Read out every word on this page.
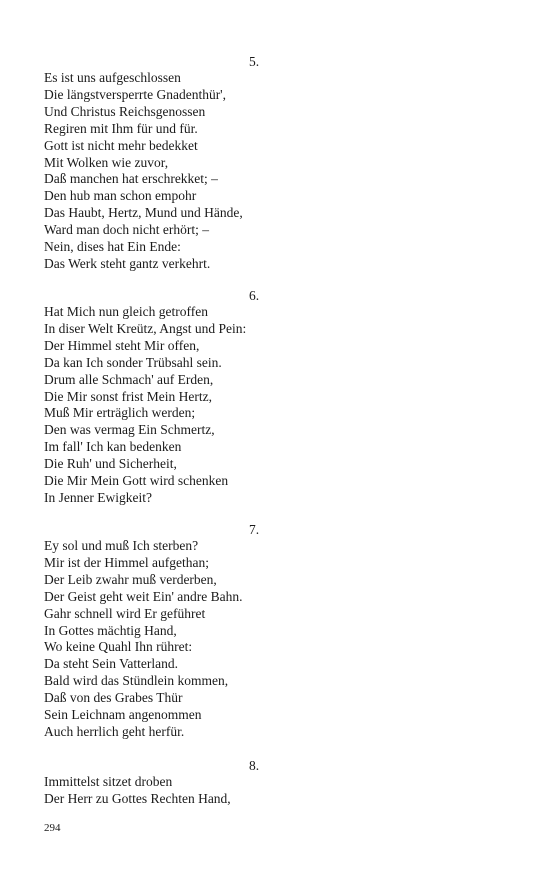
5.

Es ist uns aufgeschlossen

Die längstversperrte Gnadenthür',

Und Christus Reichsgenossen

Regiren mit Ihm für und für.

Gott ist nicht mehr bedekket

Mit Wolken wie zuvor,

Daß manchen hat erschrekket; –

Den hub man schon empohr

Das Haubt, Hertz, Mund und Hände,

Ward man doch nicht erhört; –

Nein, dises hat Ein Ende:

Das Werk steht gantz verkehrt.

6.

Hat Mich nun gleich getroffen

In diser Welt Kreütz, Angst und Pein:

Der Himmel steht Mir offen,

Da kan Ich sonder Trübsahl sein.

Drum alle Schmach' auf Erden,

Die Mir sonst frist Mein Hertz,

Muß Mir erträglich werden;

Den was vermag Ein Schmertz,

Im fall' Ich kan bedenken

Die Ruh' und Sicherheit,

Die Mir Mein Gott wird schenken

In Jenner Ewigkeit?

7.

Ey sol und muß Ich sterben?

Mir ist der Himmel aufgethan;

Der Leib zwahr muß verderben,

Der Geist geht weit Ein' andre Bahn.

Gahr schnell wird Er geführet

In Gottes mächtig Hand,

Wo keine Quahl Ihn rühret:

Da steht Sein Vatterland.

Bald wird das Stündlein kommen,

Daß von des Grabes Thür

Sein Leichnam angenommen

Auch herrlich geht herfür.

8.

Immittelst sitzet droben

Der Herr zu Gottes Rechten Hand,

294
